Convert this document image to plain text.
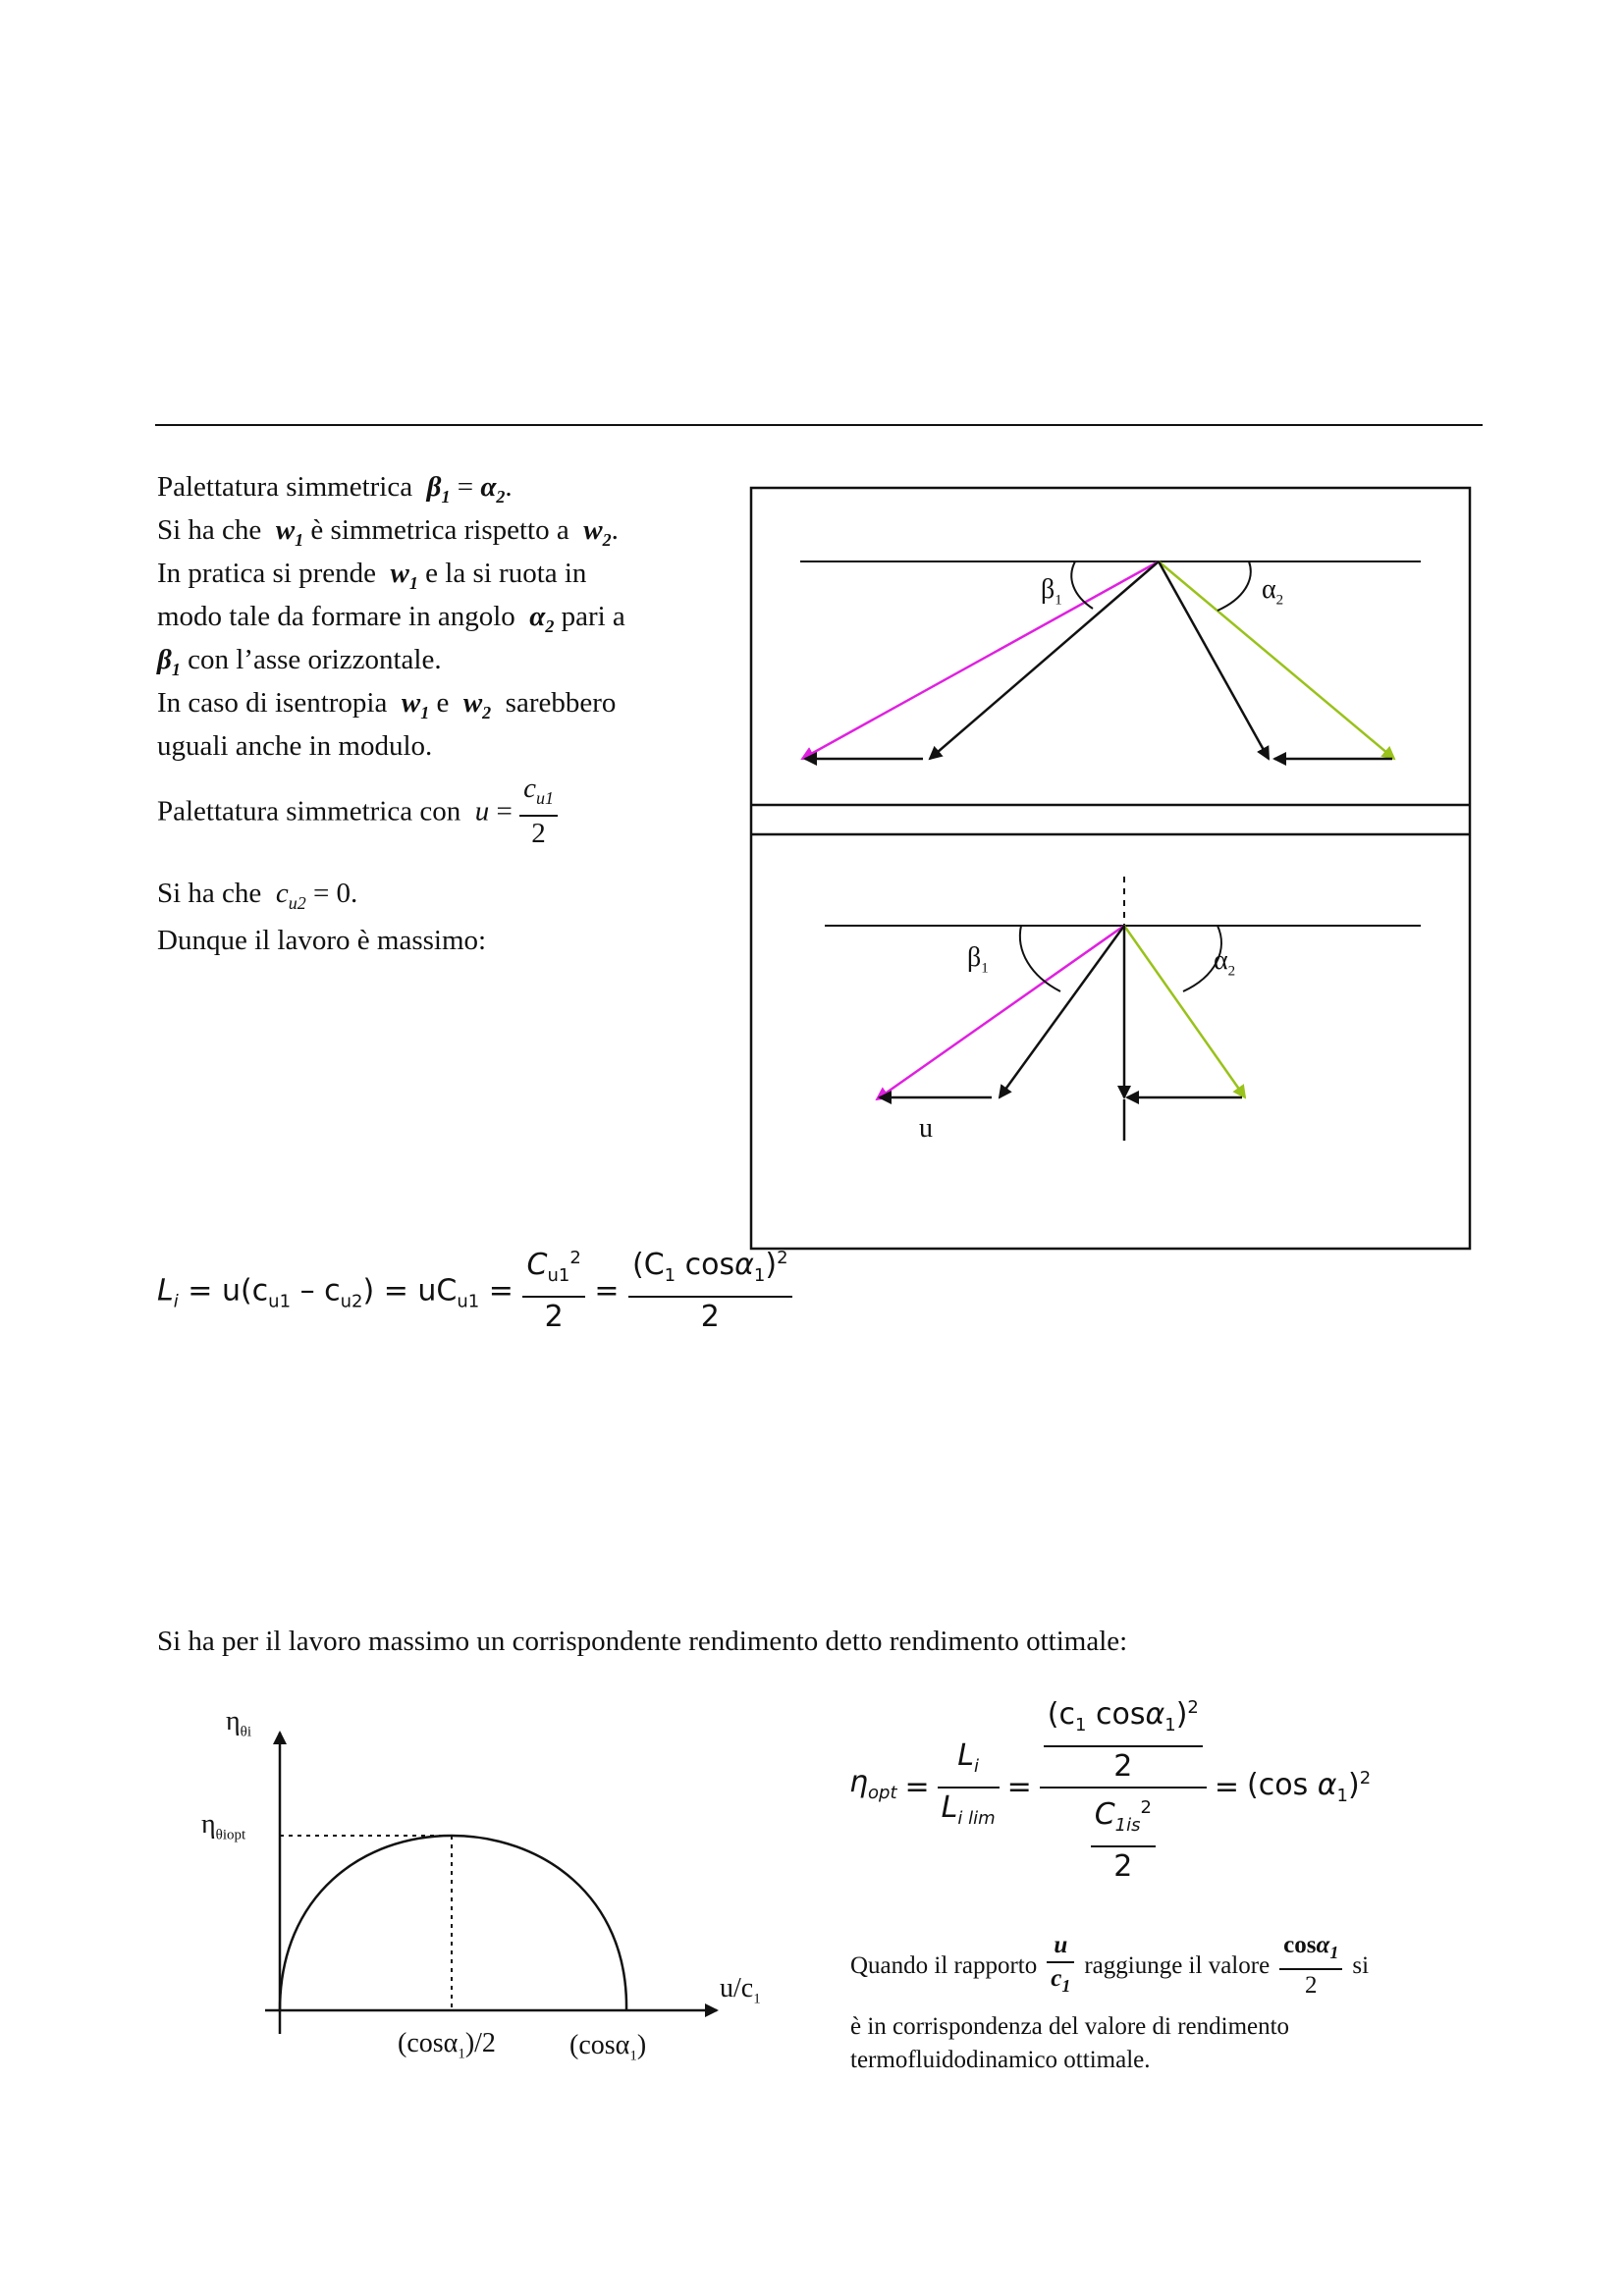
Palettatura simmetrica $\beta_1 = \alpha_2$.
Si ha che $w_1$ è simmetrica rispetto a $w_2$.
In pratica si prende $w_1$ e la si ruota in
modo tale da formare in angolo $\alpha_2$ pari a
$\beta_1$ con l’asse orizzontale.
In caso di isentropia $w_1$ e $w_2$ sarebbero
uguali anche in modulo.
Palettatura simmetrica con $u = \frac{c_{u1}}{2}$
Si ha che $c_{u2} = 0$.
Dunque il lavoro è massimo:
$L_i = u(c_{u1} - c_{u2}) = uC_{u1} = \frac{C_{u1}^2}{2} = \frac{(C_1 \cos\alpha_1)^2}{2}$
Si ha per il lavoro massimo un corrispondente rendimento detto rendimento ottimale:
$\eta_{opt} = \frac{L_i}{L_{i lim}} = \frac{\frac{(c_1 \cos\alpha_1)^2}{2}}{\frac{C_{1is}^2}{2}} = (\cos$ $\alpha_1)^2$
Quando il rapporto $\frac{u}{c_1}$ raggiunge il valore $\frac{\cos\alpha_1}{2}$ si
è in corrispondenza del valore di rendimento
termofluidodinamico ottimale.
$\beta_1$	$\alpha_2$
$\beta_1$	$\alpha_2$
u
$\eta_{\theta i}$
$\eta_{\theta iopt}$
$u/c_1$
(cosα$_1$)/2	(cosα$_1$)
